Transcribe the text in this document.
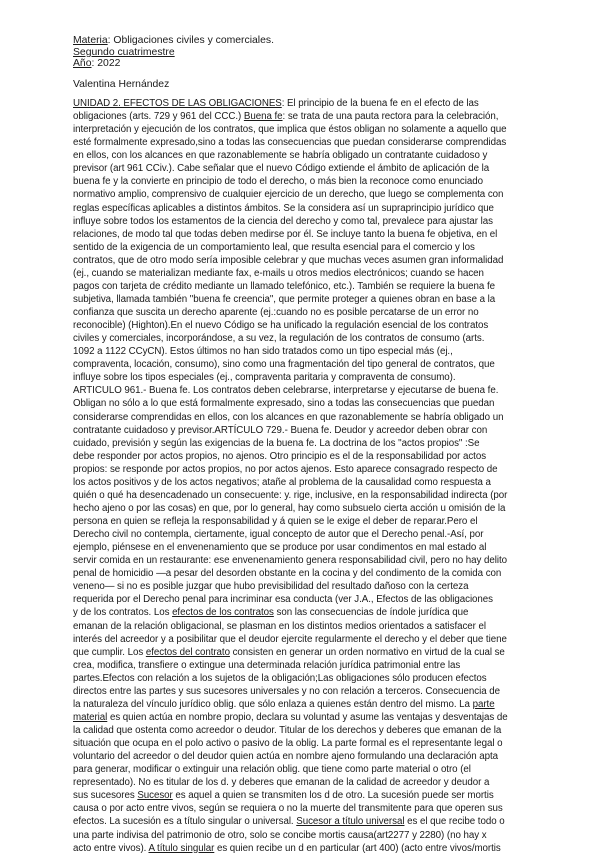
Materia: Obligaciones civiles y comerciales.
Segundo cuatrimestre
Año: 2022
Valentina Hernández
UNIDAD 2. EFECTOS DE LAS OBLIGACIONES: El principio de la buena fe en el efecto de las
obligaciones (arts. 729 y 961 del CCC.) Buena fe: se trata de una pauta rectora para la celebración,
interpretación y ejecución de los contratos, que implica que éstos obligan no solamente a aquello que
esté formalmente expresado,sino a todas las consecuencias que puedan considerarse comprendidas
en ellos, con los alcances en que razonablemente se habría obligado un contratante cuidadoso y
previsor (art 961 CCiv.). Cabe señalar que el nuevo Código extiende el ámbito de aplicación de la
buena fe y la convierte en principio de todo el derecho, o más bien la reconoce como enunciado
normativo amplio, comprensivo de cualquier ejercicio de un derecho, que luego se complementa con
reglas específicas aplicables a distintos ámbitos. Se la considera así un supraprincipio jurídico que
influye sobre todos los estamentos de la ciencia del derecho y como tal, prevalece para ajustar las
relaciones, de modo tal que todas deben medirse por él. Se incluye tanto la buena fe objetiva, en el
sentido de la exigencia de un comportamiento leal, que resulta esencial para el comercio y los
contratos, que de otro modo sería imposible celebrar y que muchas veces asumen gran informalidad
(ej., cuando se materializan mediante fax, e-mails u otros medios electrónicos; cuando se hacen
pagos con tarjeta de crédito mediante un llamado telefónico, etc.). También se requiere la buena fe
subjetiva, llamada también "buena fe creencia", que permite proteger a quienes obran en base a la
confianza que suscita un derecho aparente (ej.:cuando no es posible percatarse de un error no
reconocible) (Highton).En el nuevo Código se ha unificado la regulación esencial de los contratos
civiles y comerciales, incorporándose, a su vez, la regulación de los contratos de consumo (arts.
1092 a 1122 CCyCN). Estos últimos no han sido tratados como un tipo especial más (ej.,
compraventa, locación, consumo), sino como una fragmentación del tipo general de contratos, que
influye sobre los tipos especiales (ej., compraventa paritaria y compraventa de consumo).
ARTICULO 961.- Buena fe. Los contratos deben celebrarse, interpretarse y ejecutarse de buena fe.
Obligan no sólo a lo que está formalmente expresado, sino a todas las consecuencias que puedan
considerarse comprendidas en ellos, con los alcances en que razonablemente se habría obligado un
contratante cuidadoso y previsor.ARTÍCULO 729.- Buena fe. Deudor y acreedor deben obrar con
cuidado, previsión y según las exigencias de la buena fe. La doctrina de los "actos propios" :Se
debe responder por actos propios, no ajenos. Otro principio es el de la responsabilidad por actos
propios: se responde por actos propios, no por actos ajenos. Esto aparece consagrado respecto de
los actos positivos y de los actos negativos; atañe al problema de la causalidad como respuesta a
quién o qué ha desencadenado un consecuente: y. rige, inclusive, en la responsabilidad indirecta (por
hecho ajeno o por las cosas) en que, por lo general, hay como subsuelo cierta acción u omisión de la
persona en quien se refleja la responsabilidad y á quien se le exige el deber de reparar.Pero el
Derecho civil no contempla, ciertamente, igual concepto de autor que el Derecho penal.-Así, por
ejemplo, piénsese en el envenenamiento que se produce por usar condimentos en mal estado al
servir comida en un restaurante: ese envenenamiento genera responsabilidad civil, pero no hay delito
penal de homicidio —a pesar del desorden obstante en la cocina y del condimento de la comida con
veneno— si no es posible juzgar que hubo previsibilidad del resultado dañoso con la certeza
requerida por el Derecho penal para incriminar esa conducta (ver J.A., Efectos de las obligaciones
y de los contratos. Los efectos de los contratos son las consecuencias de índole jurídica que
emanan de la relación obligacional, se plasman en los distintos medios orientados a satisfacer el
interés del acreedor y a posibilitar que el deudor ejercite regularmente el derecho y el deber que tiene
que cumplir. Los efectos del contrato consisten en generar un orden normativo en virtud de la cual se
crea, modifica, transfiere o extingue una determinada relación jurídica patrimonial entre las
partes.Efectos con relación a los sujetos de la obligación;Las obligaciones sólo producen efectos
directos entre las partes y sus sucesores universales y no con relación a terceros. Consecuencia de
la naturaleza del vínculo jurídico oblig. que sólo enlaza a quienes están dentro del mismo. La parte
material es quien actúa en nombre propio, declara su voluntad y asume las ventajas y desventajas de
la calidad que ostenta como acreedor o deudor. Titular de los derechos y deberes que emanan de la
situación que ocupa en el polo activo o pasivo de la oblig. La parte formal es el representante legal o
voluntario del acreedor o del deudor quien actúa en nombre ajeno formulando una declaración apta
para generar, modificar o extinguir una relación oblig. que tiene como parte material o otro (el
representado). No es titular de los d. y deberes que emanan de la calidad de acreedor y deudor a
sus sucesores Sucesor es aquel a quien se transmiten los d de otro. La sucesión puede ser mortis
causa o por acto entre vivos, según se requiera o no la muerte del transmitente para que operen sus
efectos. La sucesión es a título singular o universal. Sucesor a título universal es el que recibe todo o
una parte indivisa del patrimonio de otro, solo se concibe mortis causa(art2277 y 2280) (no hay x
acto entre vivos). A título singular es quien recibe un d en particular (art 400) (acto entre vivos/mortis
